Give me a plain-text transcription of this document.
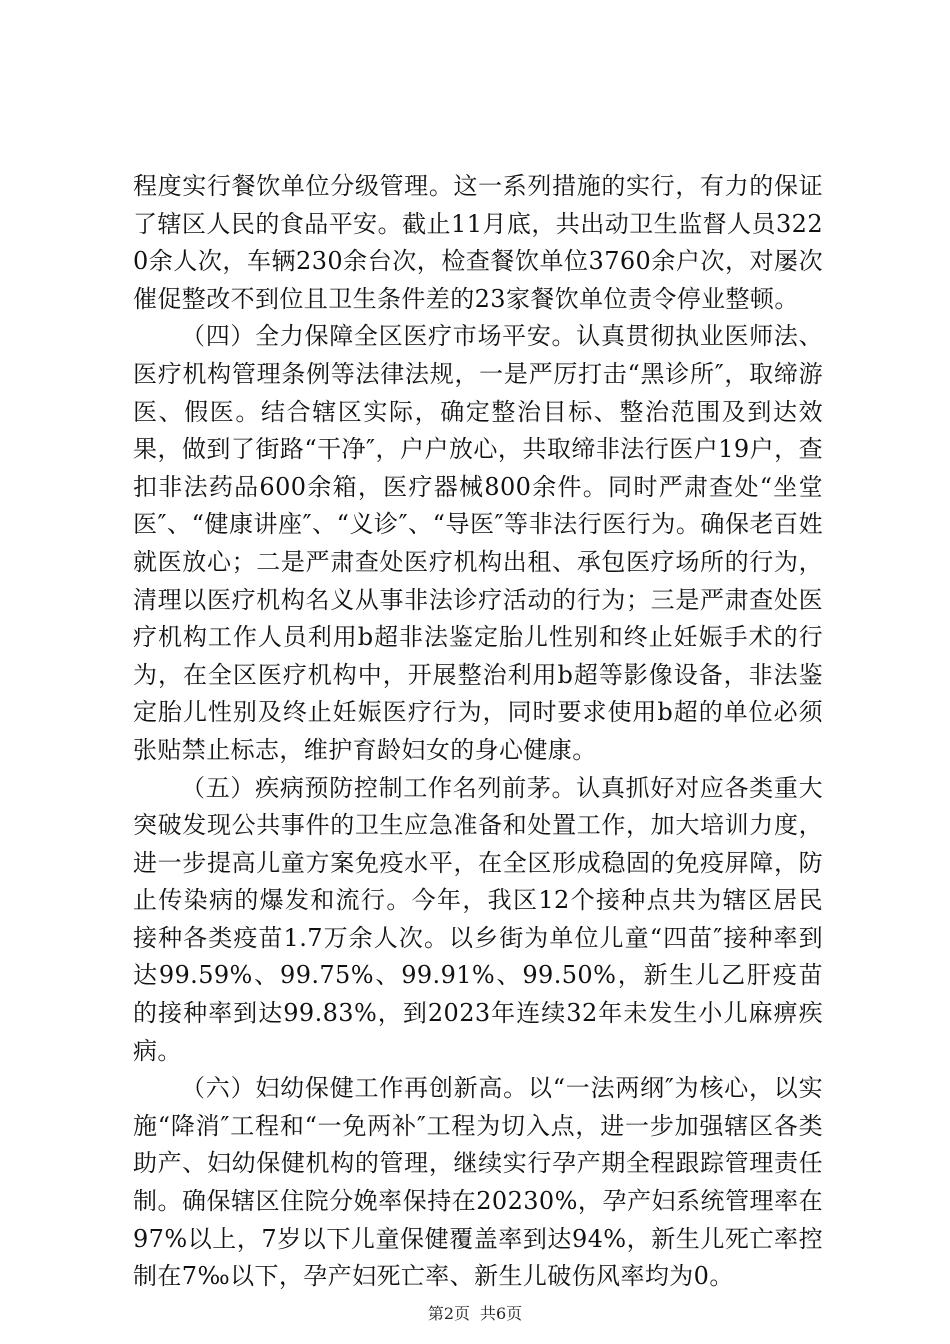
程度实行餐饮单位分级管理。这一系列措施的实行，有力的保证了辖区人民的食品平安。截止11月底，共出动卫生监督人员3220余人次，车辆230余台次，检查餐饮单位3760余户次，对屡次催促整改不到位且卫生条件差的23家餐饮单位责令停业整顿。

（四）全力保障全区医疗市场平安。认真贯彻执业医师法、医疗机构管理条例等法律法规，一是严厉打击“黑诊所″，取缔游医、假医。结合辖区实际，确定整治目标、整治范围及到达效果，做到了街路“干净″，户户放心，共取缔非法行医户19户，查扣非法药品600余箱，医疗器械800余件。同时严肃查处“坐堂医″、“健康讲座″、“义诊″、“导医″等非法行医行为。确保老百姓就医放心；二是严肃查处医疗机构出租、承包医疗场所的行为，清理以医疗机构名义从事非法诊疗活动的行为；三是严肃查处医疗机构工作人员利用b超非法鉴定胎儿性别和终止妊娠手术的行为，在全区医疗机构中，开展整治利用b超等影像设备，非法鉴定胎儿性别及终止妊娠医疗行为，同时要求使用b超的单位必须张贴禁止标志，维护育龄妇女的身心健康。

（五）疾病预防控制工作名列前茅。认真抓好对应各类重大突破发现公共事件的卫生应急准备和处置工作，加大培训力度，进一步提高儿童方案免疫水平，在全区形成稳固的免疫屏障，防止传染病的爆发和流行。今年，我区12个接种点共为辖区居民接种各类疫苗1.7万余人次。以乡街为单位儿童“四苗″接种率到达99.59%、99.75%、99.91%、99.50%，新生儿乙肝疫苗的接种率到达99.83%，到2023年连续32年未发生小儿麻痹疾病。

（六）妇幼保健工作再创新高。以“一法两纲″为核心，以实施“降消″工程和“一免两补″工程为切入点，进一步加强辖区各类助产、妇幼保健机构的管理，继续实行孕产期全程跟踪管理责任制。确保辖区住院分娩率保持在20230%，孕产妇系统管理率在97%以上，7岁以下儿童保健覆盖率到达94%，新生儿死亡率控制在7‰以下，孕产妇死亡率、新生儿破伤风率均为0。

第2页 共6页
